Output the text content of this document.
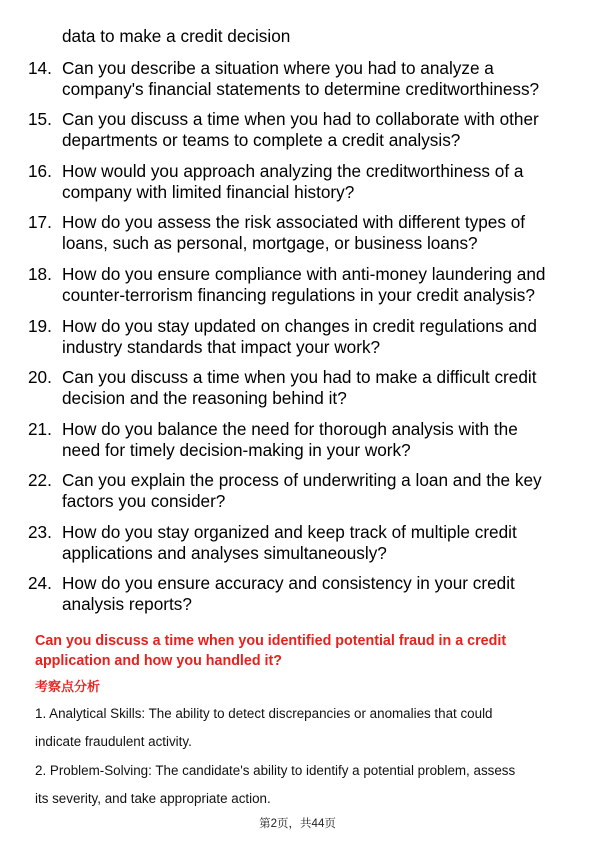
data to make a credit decision
14. Can you describe a situation where you had to analyze a
company's financial statements to determine creditworthiness?
15. Can you discuss a time when you had to collaborate with other
departments or teams to complete a credit analysis?
16. How would you approach analyzing the creditworthiness of a
company with limited financial history?
17. How do you assess the risk associated with different types of
loans, such as personal, mortgage, or business loans?
18. How do you ensure compliance with anti-money laundering and
counter-terrorism financing regulations in your credit analysis?
19. How do you stay updated on changes in credit regulations and
industry standards that impact your work?
20. Can you discuss a time when you had to make a difficult credit
decision and the reasoning behind it?
21. How do you balance the need for thorough analysis with the
need for timely decision-making in your work?
22. Can you explain the process of underwriting a loan and the key
factors you consider?
23. How do you stay organized and keep track of multiple credit
applications and analyses simultaneously?
24. How do you ensure accuracy and consistency in your credit
analysis reports?
Can you discuss a time when you identified potential fraud in a credit
application and how you handled it?
考察点分析
1. Analytical Skills: The ability to detect discrepancies or anomalies that could
indicate fraudulent activity.
2. Problem-Solving: The candidate's ability to identify a potential problem, assess
its severity, and take appropriate action.
第2页，共44页
